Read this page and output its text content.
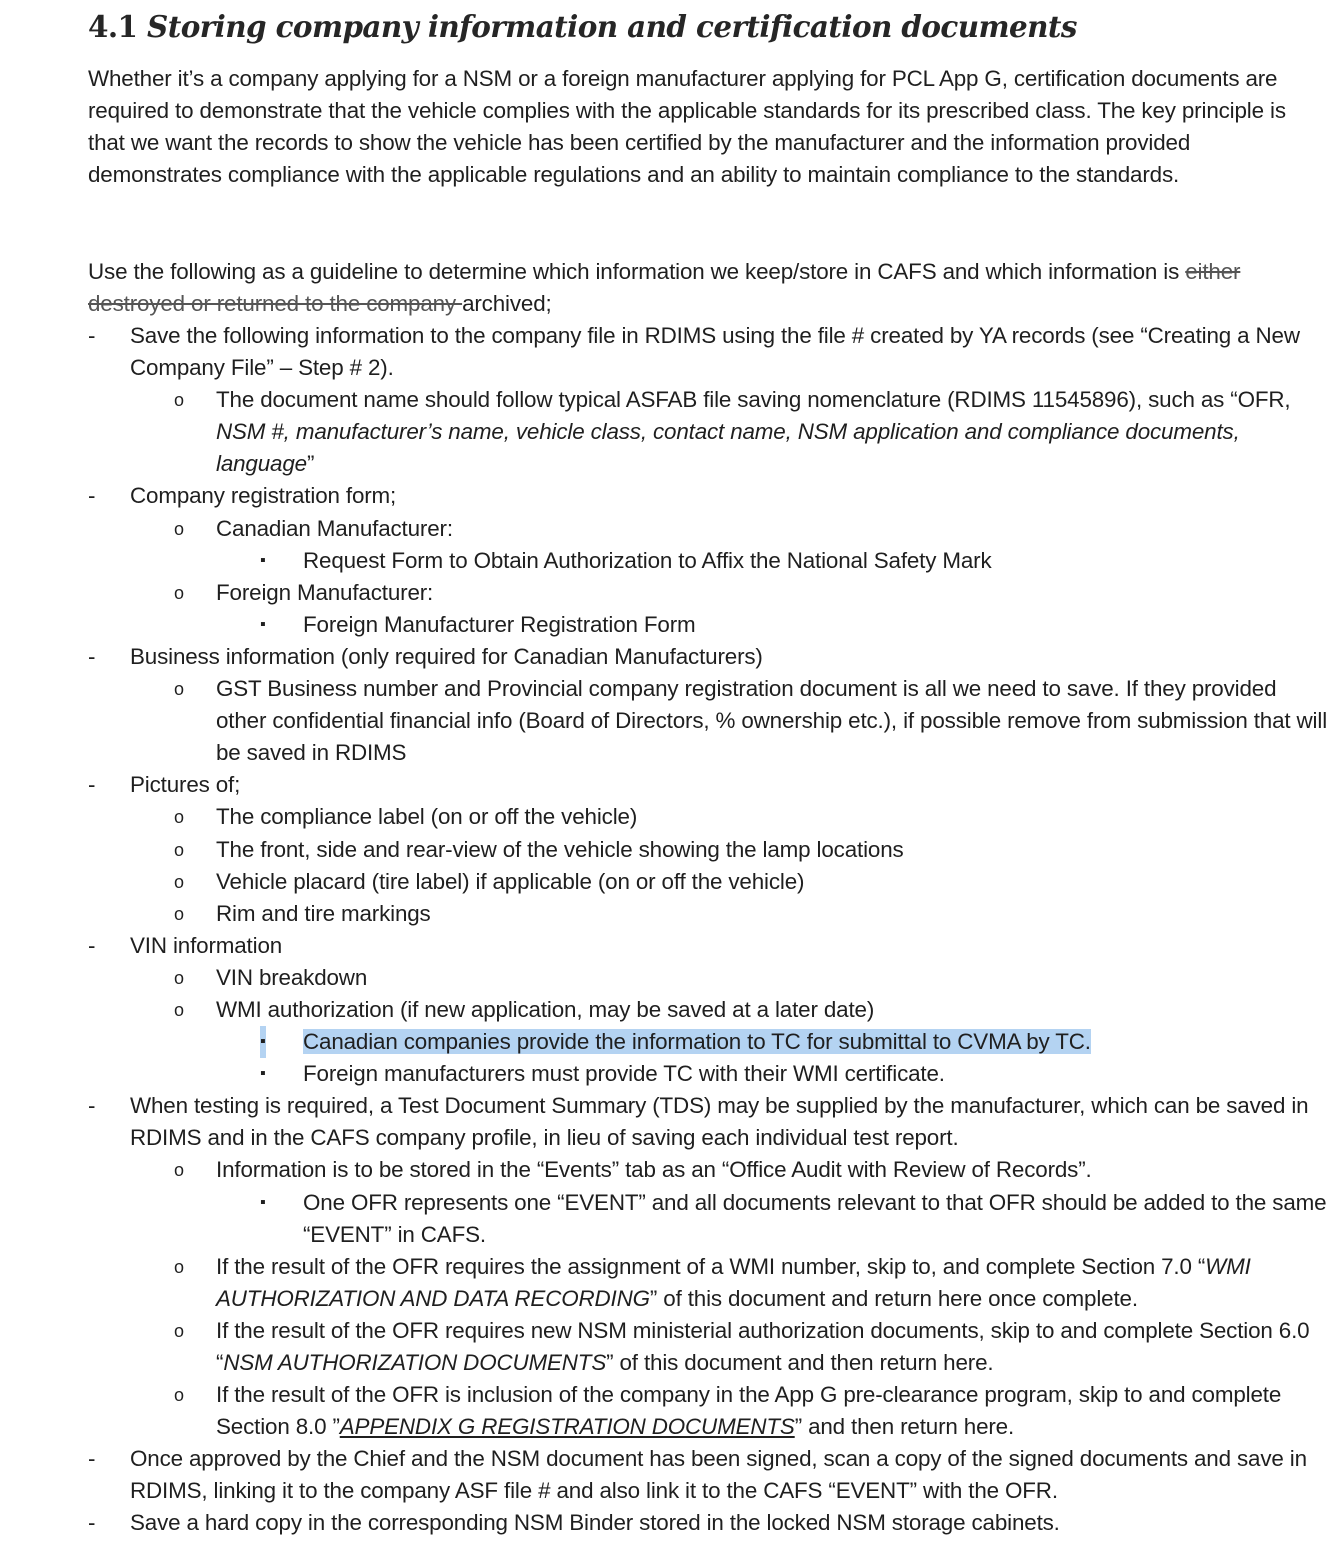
4.1 Storing company information and certification documents
Whether it’s a company applying for a NSM or a foreign manufacturer applying for PCL App G, certification documents are required to demonstrate that the vehicle complies with the applicable standards for its prescribed class. The key principle is that we want the records to show the vehicle has been certified by the manufacturer and the information provided demonstrates compliance with the applicable regulations and an ability to maintain compliance to the standards.
Use the following as a guideline to determine which information we keep/store in CAFS and which information is either destroyed or returned to the company archived;
- Save the following information to the company file in RDIMS using the file # created by YA records (see “Creating a New Company File” – Step # 2).
o The document name should follow typical ASFAB file saving nomenclature (RDIMS 11545896), such as “OFR, NSM #, manufacturer’s name, vehicle class, contact name, NSM application and compliance documents, language”
- Company registration form;
o Canadian Manufacturer:
▪ Request Form to Obtain Authorization to Affix the National Safety Mark
o Foreign Manufacturer:
▪ Foreign Manufacturer Registration Form
- Business information (only required for Canadian Manufacturers)
o GST Business number and Provincial company registration document is all we need to save. If they provided other confidential financial info (Board of Directors, % ownership etc.), if possible remove from submission that will be saved in RDIMS
- Pictures of;
o The compliance label (on or off the vehicle)
o The front, side and rear-view of the vehicle showing the lamp locations
o Vehicle placard (tire label) if applicable (on or off the vehicle)
o Rim and tire markings
- VIN information
o VIN breakdown
o WMI authorization (if new application, may be saved at a later date)
▪ Canadian companies provide the information to TC for submittal to CVMA by TC.
▪ Foreign manufacturers must provide TC with their WMI certificate.
- When testing is required, a Test Document Summary (TDS) may be supplied by the manufacturer, which can be saved in RDIMS and in the CAFS company profile, in lieu of saving each individual test report.
o Information is to be stored in the “Events” tab as an “Office Audit with Review of Records”.
▪ One OFR represents one “EVENT” and all documents relevant to that OFR should be added to the same “EVENT” in CAFS.
o If the result of the OFR requires the assignment of a WMI number, skip to, and complete Section 7.0 “WMI AUTHORIZATION AND DATA RECORDING” of this document and return here once complete.
o If the result of the OFR requires new NSM ministerial authorization documents, skip to and complete Section 6.0 “NSM AUTHORIZATION DOCUMENTS” of this document and then return here.
o If the result of the OFR is inclusion of the company in the App G pre-clearance program, skip to and complete Section 8.0 ”APPENDIX G REGISTRATION DOCUMENTS” and then return here.
- Once approved by the Chief and the NSM document has been signed, scan a copy of the signed documents and save in RDIMS, linking it to the company ASF file # and also link it to the CAFS “EVENT” with the OFR.
- Save a hard copy in the corresponding NSM Binder stored in the locked NSM storage cabinets.
